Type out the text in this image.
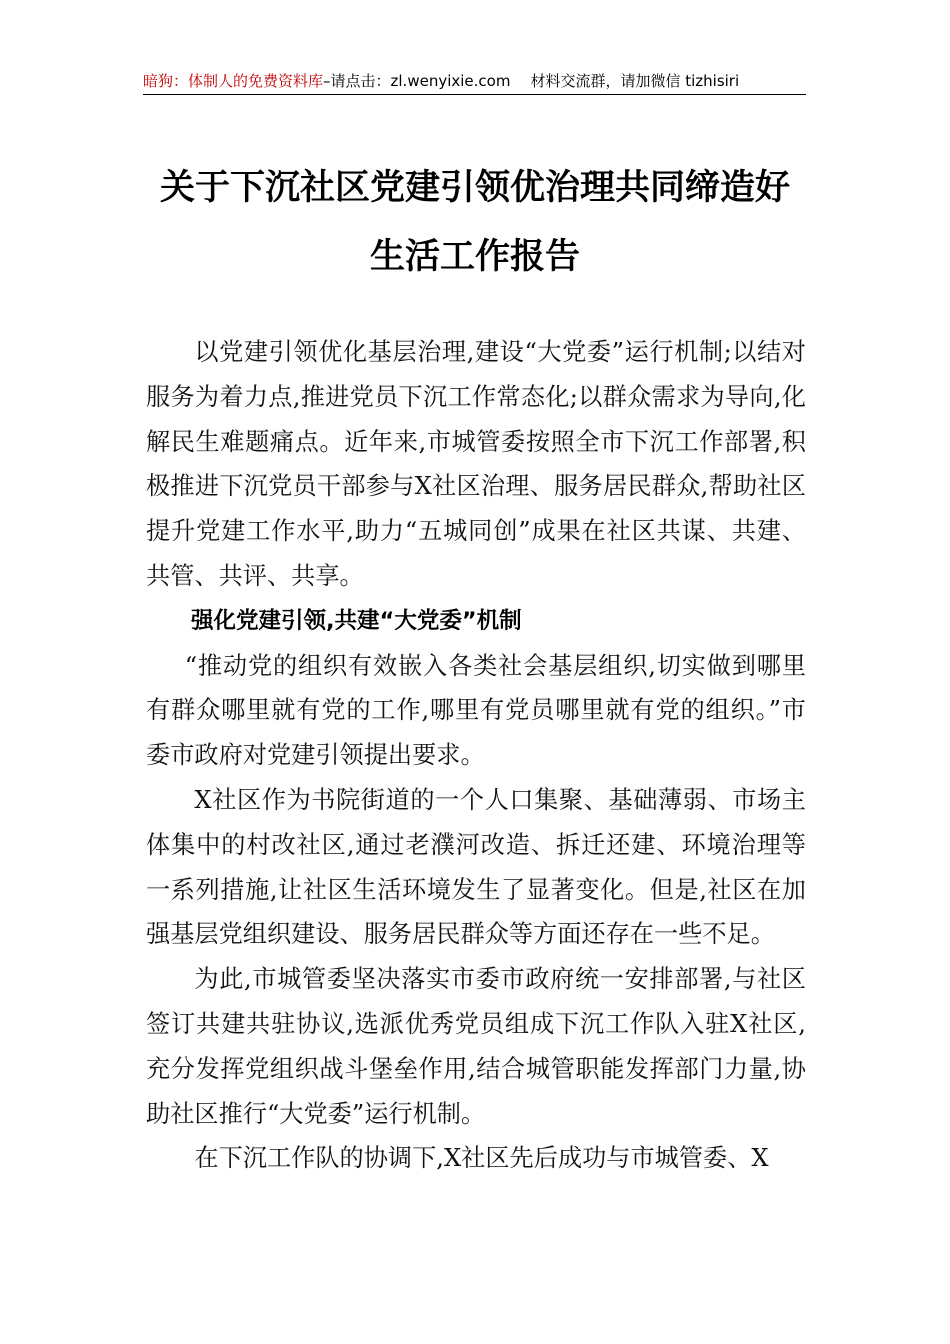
暗狗：体制人的免费资料库–请点击：zl.wenyixie.com 材料交流群，请加微信 tizhisiri
关于下沉社区党建引领优治理共同缔造好
生活工作报告

以党建引领优化基层治理,建设“大党委”运行机制;以结对服务为着力点,推进党员下沉工作常态化;以群众需求为导向,化解民生难题痛点。近年来,市城管委按照全市下沉工作部署,积极推进下沉党员干部参与X社区治理、服务居民群众,帮助社区提升党建工作水平,助力“五城同创”成果在社区共谋、共建、共管、共评、共享。

强化党建引领,共建“大党委”机制

“推动党的组织有效嵌入各类社会基层组织,切实做到哪里有群众哪里就有党的工作,哪里有党员哪里就有党的组织。”市委市政府对党建引领提出要求。

X社区作为书院街道的一个人口集聚、基础薄弱、市场主体集中的村改社区,通过老濮河改造、拆迁还建、环境治理等一系列措施,让社区生活环境发生了显著变化。但是,社区在加强基层党组织建设、服务居民群众等方面还存在一些不足。

为此,市城管委坚决落实市委市政府统一安排部署,与社区签订共建共驻协议,选派优秀党员组成下沉工作队入驻X社区,充分发挥党组织战斗堡垒作用,结合城管职能发挥部门力量,协助社区推行“大党委”运行机制。

在下沉工作队的协调下,X社区先后成功与市城管委、X
